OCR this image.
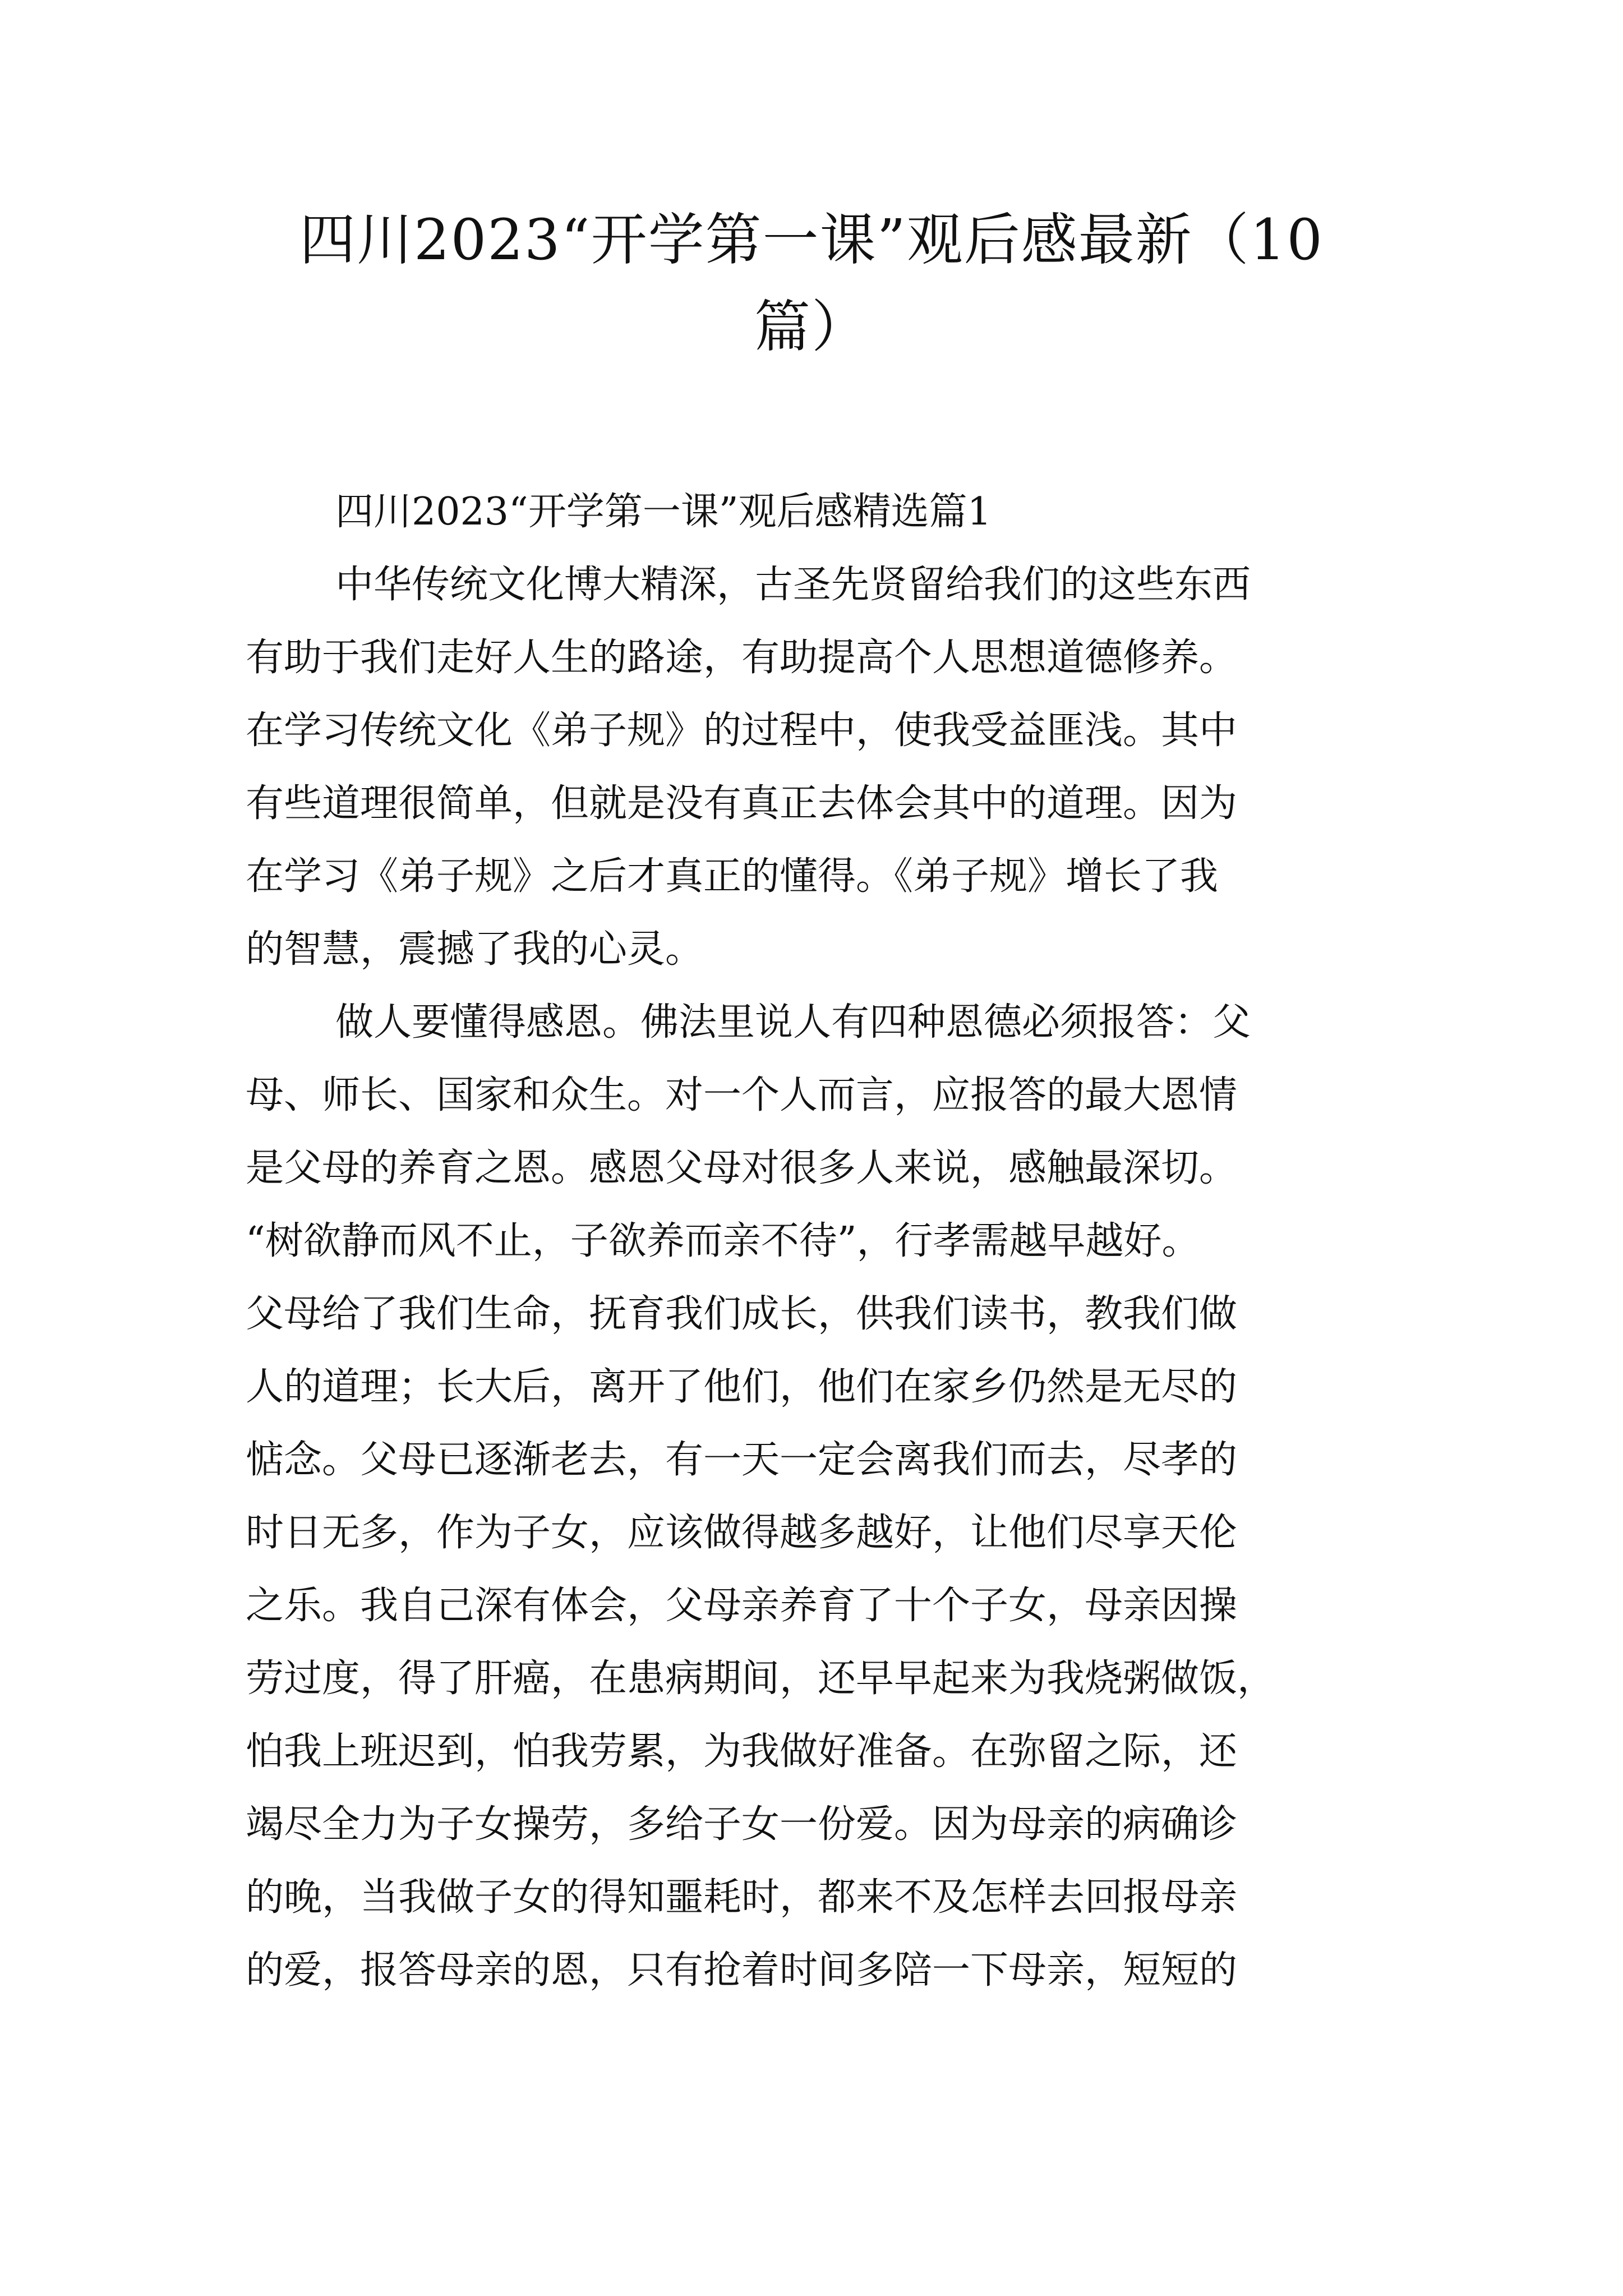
四川2023“开学第一课”观后感最新（10
篇）

四川2023“开学第一课”观后感精选篇1

中华传统文化博大精深，古圣先贤留给我们的这些东西
有助于我们走好人生的路途，有助提高个人思想道德修养。
在学习传统文化《弟子规》的过程中，使我受益匪浅。其中
有些道理很简单，但就是没有真正去体会其中的道理。因为
在学习《弟子规》之后才真正的懂得。《弟子规》增长了我
的智慧，震撼了我的心灵。

做人要懂得感恩。佛法里说人有四种恩德必须报答：父
母、师长、国家和众生。对一个人而言，应报答的最大恩情
是父母的养育之恩。感恩父母对很多人来说，感触最深切。
“树欲静而风不止，子欲养而亲不待”，行孝需越早越好。
父母给了我们生命，抚育我们成长，供我们读书，教我们做
人的道理；长大后，离开了他们，他们在家乡仍然是无尽的
惦念。父母已逐渐老去，有一天一定会离我们而去，尽孝的
时日无多，作为子女，应该做得越多越好，让他们尽享天伦
之乐。我自己深有体会，父母亲养育了十个子女，母亲因操
劳过度，得了肝癌，在患病期间，还早早起来为我烧粥做饭，
怕我上班迟到，怕我劳累，为我做好准备。在弥留之际，还
竭尽全力为子女操劳，多给子女一份爱。因为母亲的病确诊
的晚，当我做子女的得知噩耗时，都来不及怎样去回报母亲
的爱，报答母亲的恩，只有抢着时间多陪一下母亲，短短的
